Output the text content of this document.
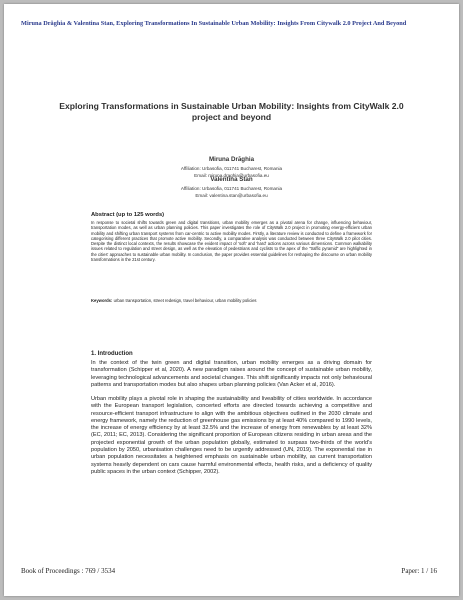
Miruna Drăghia & Valentina Stan, Exploring Transformations In Sustainable Urban Mobility: Insights From Citywalk 2.0 Project And Beyond
Exploring Transformations in Sustainable Urban Mobility: Insights from CityWalk 2.0 project and beyond
Miruna Drăghia
Affiliation: Urbasofia, 011741 Bucharest, Romania
Email: miruna.draghia@urbasofia.eu
Valentina Stan
Affiliation: Urbasofia, 011741 Bucharest, Romania
Email: valentina.stan@urbasofia.eu
Abstract (up to 125 words)

In response to societal shifts towards green and digital transitions, urban mobility emerges as a pivotal arena for change, influencing behaviour, transportation modes, as well as urban planning policies. This paper investigates the role of CityWalk 2.0 project in promoting energy-efficient urban mobility and shifting urban transport systems from car-centric to active mobility modes. Firstly, a literature review is conducted to define a framework for categorising different practices that promote active mobility. Secondly, a comparative analysis was conducted between three CityWalk 2.0 pilot cities. Despite the distinct local contexts, the results showcase the evident impact of 'soft' and 'hard' actions across various dimensions. Common walkability issues related to regulation and street design, as well as the elevation of pedestrians and cyclists to the apex of the "traffic pyramid" are highlighted in the cities' approaches to sustainable urban mobility. In conclusion, the paper provides essential guidelines for reshaping the discourse on urban mobility transformations in the 21st century.

Keywords: urban transportation, street redesign, travel behaviour, urban mobility policies
1. Introduction

In the context of the twin green and digital transition, urban mobility emerges as a driving domain for transformation (Schipper et al, 2020). A new paradigm raises around the concept of sustainable urban mobility, leveraging technological advancements and societal changes. This shift significantly impacts not only behavioural patterns and transportation modes but also shapes urban planning policies (Van Acker et al, 2016).

Urban mobility plays a pivotal role in shaping the sustainability and liveability of cities worldwide. In accordance with the European transport legislation, concerted efforts are directed towards achieving a competitive and resource-efficient transport infrastructure to align with the ambitious objectives outlined in the 2030 climate and energy framework, namely the reduction of greenhouse gas emissions by at least 40% compared to 1990 levels, the increase of energy efficiency by at least 32.5% and the increase of energy from renewables by at least 32% (EC, 2011; EC, 2013). Considering the significant proportion of European citizens residing in urban areas and the projected exponential growth of the urban population globally, estimated to surpass two-thirds of the world's population by 2050, urbanisation challenges need to be urgently addressed (UN, 2019). The exponential rise in urban population necessitates a heightened emphasis on sustainable urban mobility, as current transportation systems heavily dependent on cars cause harmful environmental effects, health risks, and a deficiency of quality public spaces in the urban context (Schipper, 2002).

Book of Proceedings : 769 / 3534	Paper: 1 / 16
